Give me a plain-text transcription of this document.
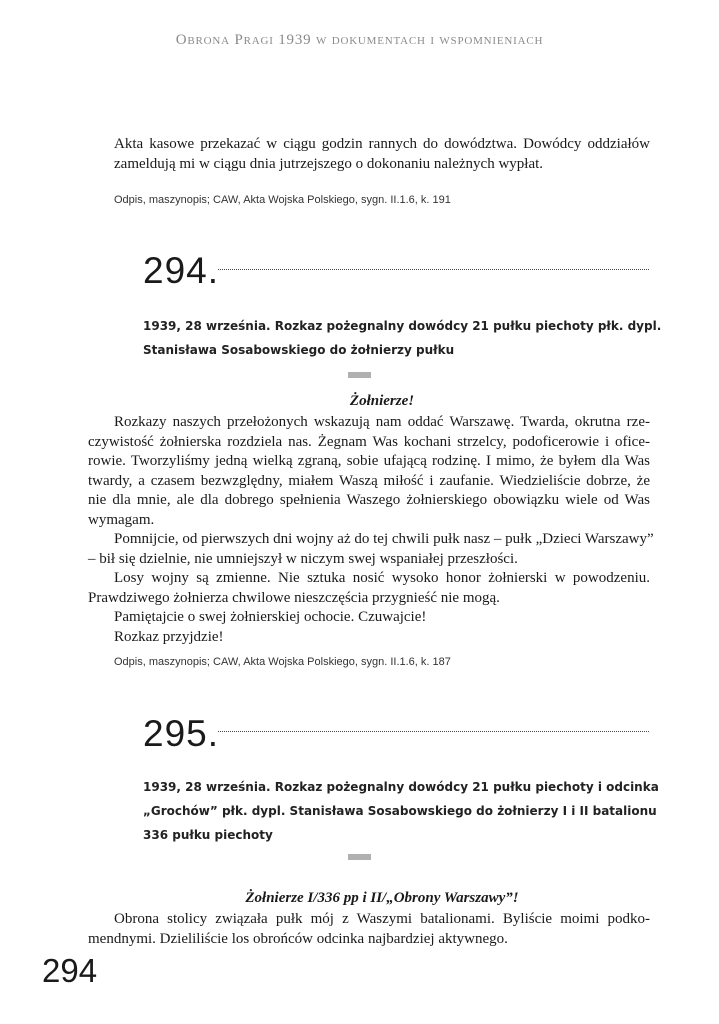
Obrona Pragi 1939 w dokumentach i wspomnieniach
Akta kasowe przekazać w ciągu godzin rannych do dowództwa. Dowódcy oddziałów
zameldują mi w ciągu dnia jutrzejszego o dokonaniu należnych wypłat.
Odpis, maszynopis; CAW, Akta Wojska Polskiego, sygn. II.1.6, k. 191
294.
1939, 28 września. Rozkaz pożegnalny dowódcy 21 pułku piechoty płk. dypl.
Stanisława Sosabowskiego do żołnierzy pułku
Żołnierze!
Rozkazy naszych przełożonych wskazują nam oddać Warszawę. Twarda, okrutna rze-
czywistość żołnierska rozdziela nas. Żegnam Was kochani strzelcy, podoficerowie i ofice-
rowie. Tworzyliśmy jedną wielką zgraną, sobie ufającą rodzinę. I mimo, że byłem dla Was
twardy, a czasem bezwzględny, miałem Waszą miłość i zaufanie. Wiedzieliście dobrze, że
nie dla mnie, ale dla dobrego spełnienia Waszego żołnierskiego obowiązku wiele od Was
wymagam.
Pomnijcie, od pierwszych dni wojny aż do tej chwili pułk nasz – pułk „Dzieci Warszawy”
– bił się dzielnie, nie umniejszył w niczym swej wspaniałej przeszłości.
Losy wojny są zmienne. Nie sztuka nosić wysoko honor żołnierski w powodzeniu.
Prawdziwego żołnierza chwilowe nieszczęścia przygnieść nie mogą.
Pamiętajcie o swej żołnierskiej ochocie. Czuwajcie!
Rozkaz przyjdzie!
Odpis, maszynopis; CAW, Akta Wojska Polskiego, sygn. II.1.6, k. 187
295.
1939, 28 września. Rozkaz pożegnalny dowódcy 21 pułku piechoty i odcinka
„Grochów” płk. dypl. Stanisława Sosabowskiego do żołnierzy I i II batalionu
336 pułku piechoty
Żołnierze I/336 pp i II/„Obrony Warszawy”!
Obrona stolicy związała pułk mój z Waszymi batalionami. Byliście moimi podko-
mendnymi. Dzieliliście los obrońców odcinka najbardziej aktywnego.
294
